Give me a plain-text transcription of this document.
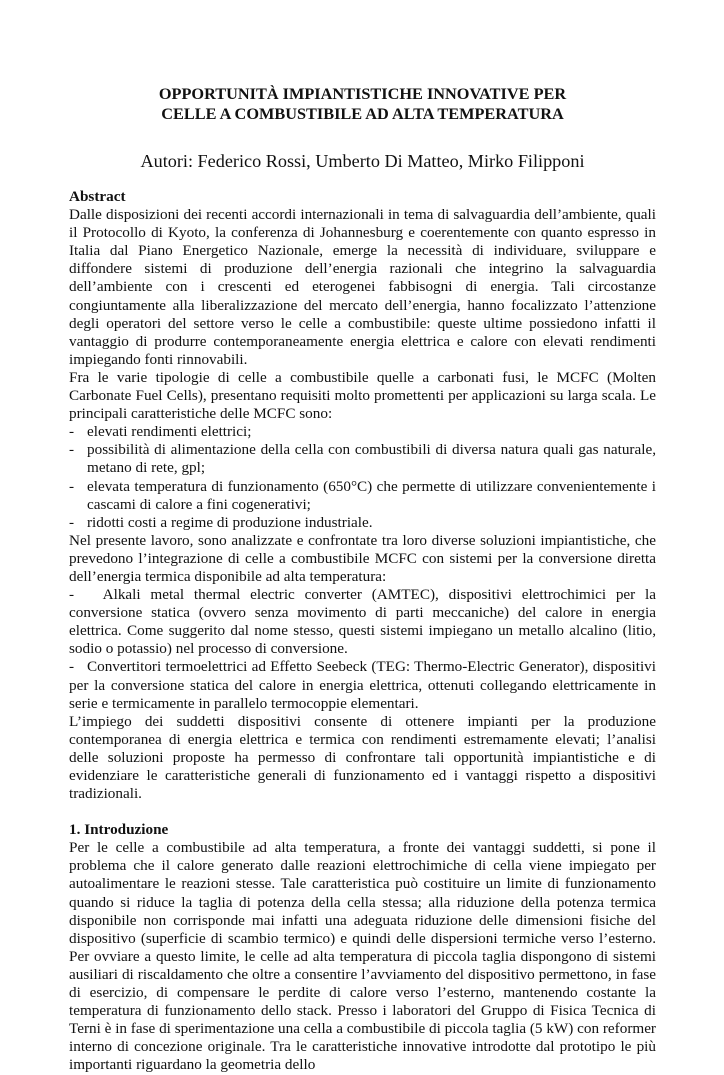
OPPORTUNITÀ IMPIANTISTICHE INNOVATIVE PER
CELLE A COMBUSTIBILE AD ALTA TEMPERATURA
Autori: Federico Rossi, Umberto Di Matteo, Mirko Filipponi
Abstract

Dalle disposizioni dei recenti accordi internazionali in tema di salvaguardia dell’ambiente, quali il Protocollo di Kyoto, la conferenza di Johannesburg e coerentemente con quanto espresso in Italia dal Piano Energetico Nazionale, emerge la necessità di individuare, sviluppare e diffondere sistemi di produzione dell’energia razionali che integrino la salvaguardia dell’ambiente con i crescenti ed eterogenei fabbisogni di energia. Tali circostanze congiuntamente alla liberalizzazione del mercato dell’energia, hanno focalizzato l’attenzione degli operatori del settore verso le celle a combustibile: queste ultime possiedono infatti il vantaggio di produrre contemporaneamente energia elettrica e calore con elevati rendimenti impiegando fonti rinnovabili.

Fra le varie tipologie di celle a combustibile quelle a carbonati fusi, le MCFC (Molten Carbonate Fuel Cells), presentano requisiti molto promettenti per applicazioni su larga scala. Le principali caratteristiche delle MCFC sono:

- elevati rendimenti elettrici;
- possibilità di alimentazione della cella con combustibili di diversa natura quali gas naturale, metano di rete, gpl;
- elevata temperatura di funzionamento (650°C) che permette di utilizzare convenientemente i cascami di calore a fini cogenerativi;
- ridotti costi a regime di produzione industriale.

Nel presente lavoro, sono analizzate e confrontate tra loro diverse soluzioni impiantistiche, che prevedono l’integrazione di celle a combustibile MCFC con sistemi per la conversione diretta dell’energia termica disponibile ad alta temperatura:

-   Alkali metal thermal electric converter (AMTEC), dispositivi elettrochimici per la conversione statica (ovvero senza movimento di parti meccaniche) del calore in energia elettrica. Come suggerito dal nome stesso, questi sistemi impiegano un metallo alcalino (litio, sodio o potassio) nel processo di conversione.

-   Convertitori termoelettrici ad Effetto Seebeck (TEG: Thermo-Electric Generator), dispositivi per la conversione statica del calore in energia elettrica, ottenuti collegando elettricamente in serie e termicamente in parallelo termocoppie elementari.

L’impiego dei suddetti dispositivi consente di ottenere impianti per la produzione contemporanea di energia elettrica e termica con rendimenti estremamente elevati; l’analisi delle soluzioni proposte ha permesso di confrontare tali opportunità impiantistiche e di evidenziare le caratteristiche generali di funzionamento ed i vantaggi rispetto a dispositivi tradizionali.

1. Introduzione

Per le celle a combustibile ad alta temperatura, a fronte dei vantaggi suddetti, si pone il problema che il calore generato dalle reazioni elettrochimiche di cella viene impiegato per autoalimentare le reazioni stesse. Tale caratteristica può costituire un limite di funzionamento quando si riduce la taglia di potenza della cella stessa; alla riduzione della potenza termica disponibile non corrisponde mai infatti una adeguata riduzione delle dimensioni fisiche del dispositivo (superficie di scambio termico) e quindi delle dispersioni termiche verso l’esterno. Per ovviare a questo limite, le celle ad alta temperatura di piccola taglia dispongono di sistemi ausiliari di riscaldamento che oltre a consentire l’avviamento del dispositivo permettono, in fase di esercizio, di compensare le perdite di calore verso l’esterno, mantenendo costante la temperatura di funzionamento dello stack. Presso i laboratori del Gruppo di Fisica Tecnica di Terni è in fase di sperimentazione una cella a combustibile di piccola taglia (5 kW) con reformer interno di concezione originale. Tra le caratteristiche innovative introdotte dal prototipo le più importanti riguardano la geometria dello
